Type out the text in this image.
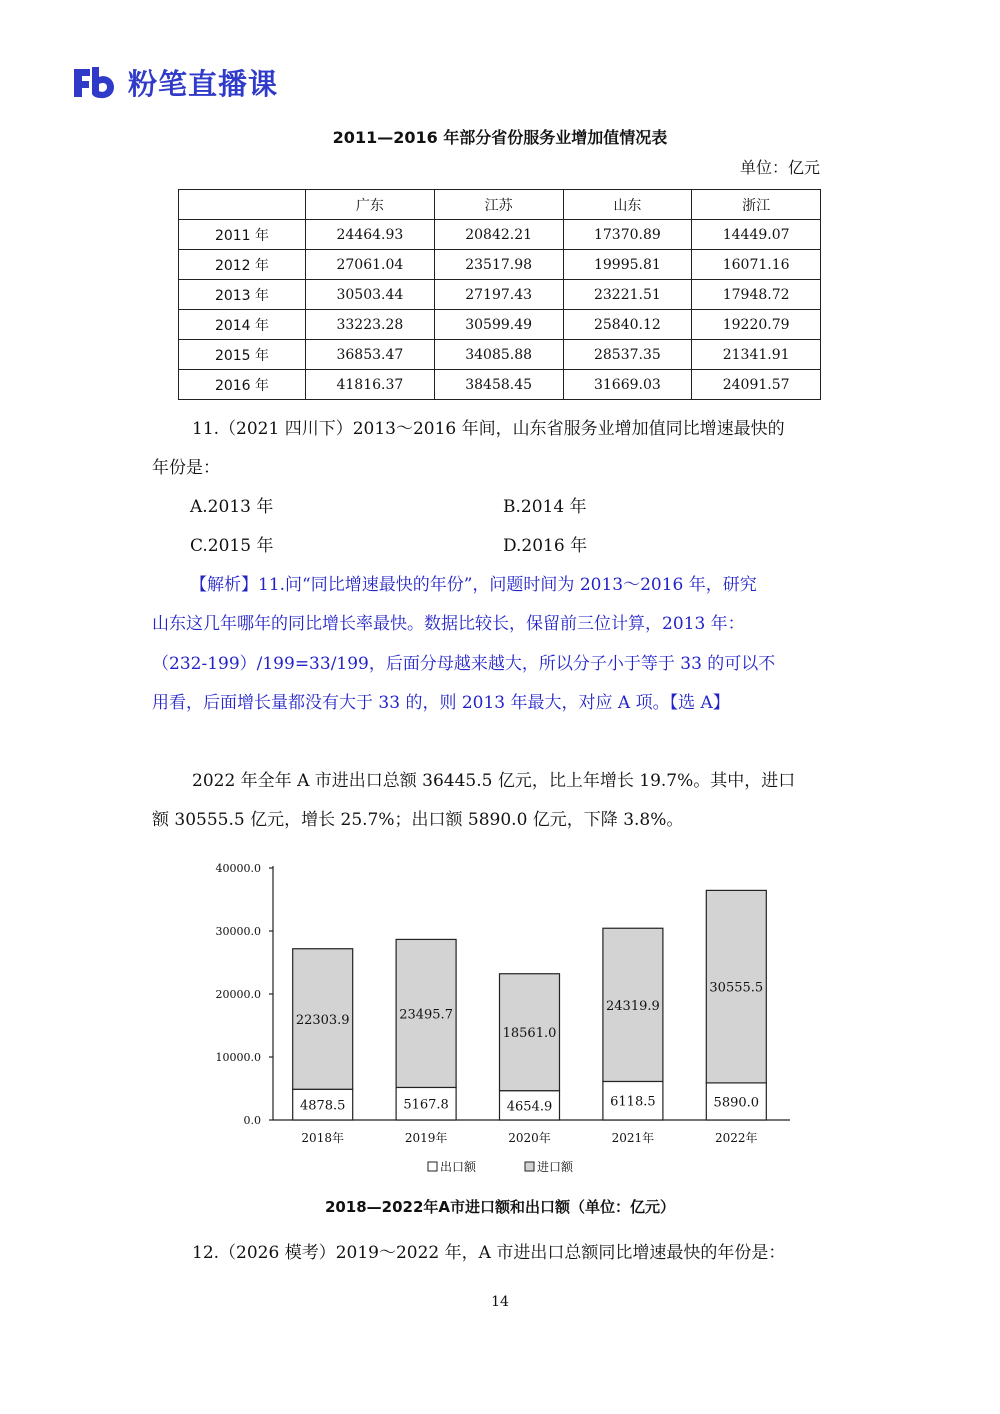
粉笔直播课
2011—2016 年部分省份服务业增加值情况表
单位：亿元
	广东	江苏	山东	浙江
2011 年	24464.93	20842.21	17370.89	14449.07
2012 年	27061.04	23517.98	19995.81	16071.16
2013 年	30503.44	27197.43	23221.51	17948.72
2014 年	33223.28	30599.49	25840.12	19220.79
2015 年	36853.47	34085.88	28537.35	21341.91
2016 年	41816.37	38458.45	31669.03	24091.57
11.（2021 四川下）2013～2016 年间，山东省服务业增加值同比增速最快的
年份是：
A.2013 年	B.2014 年
C.2015 年	D.2016 年
【解析】11.问“同比增速最快的年份”，问题时间为 2013～2016 年，研究
山东这几年哪年的同比增长率最快。数据比较长，保留前三位计算，2013 年：
（232-199）/199=33/199，后面分母越来越大，所以分子小于等于 33 的可以不
用看，后面增长量都没有大于 33 的，则 2013 年最大，对应 A 项。【选 A】
2022 年全年 A 市进出口总额 36445.5 亿元，比上年增长 19.7%。其中，进口
额 30555.5 亿元，增长 25.7%；出口额 5890.0 亿元，下降 3.8%。
0.0
10000.0
20000.0
30000.0
40000.0
4878.5
22303.9
2018年
5167.8
23495.7
2019年
4654.9
18561.0
2020年
6118.5
24319.9
2021年
5890.0
30555.5
2022年
出口额	进口额
2018—2022年A市进口额和出口额（单位：亿元）
12.（2026 模考）2019～2022 年，A 市进出口总额同比增速最快的年份是：
14
